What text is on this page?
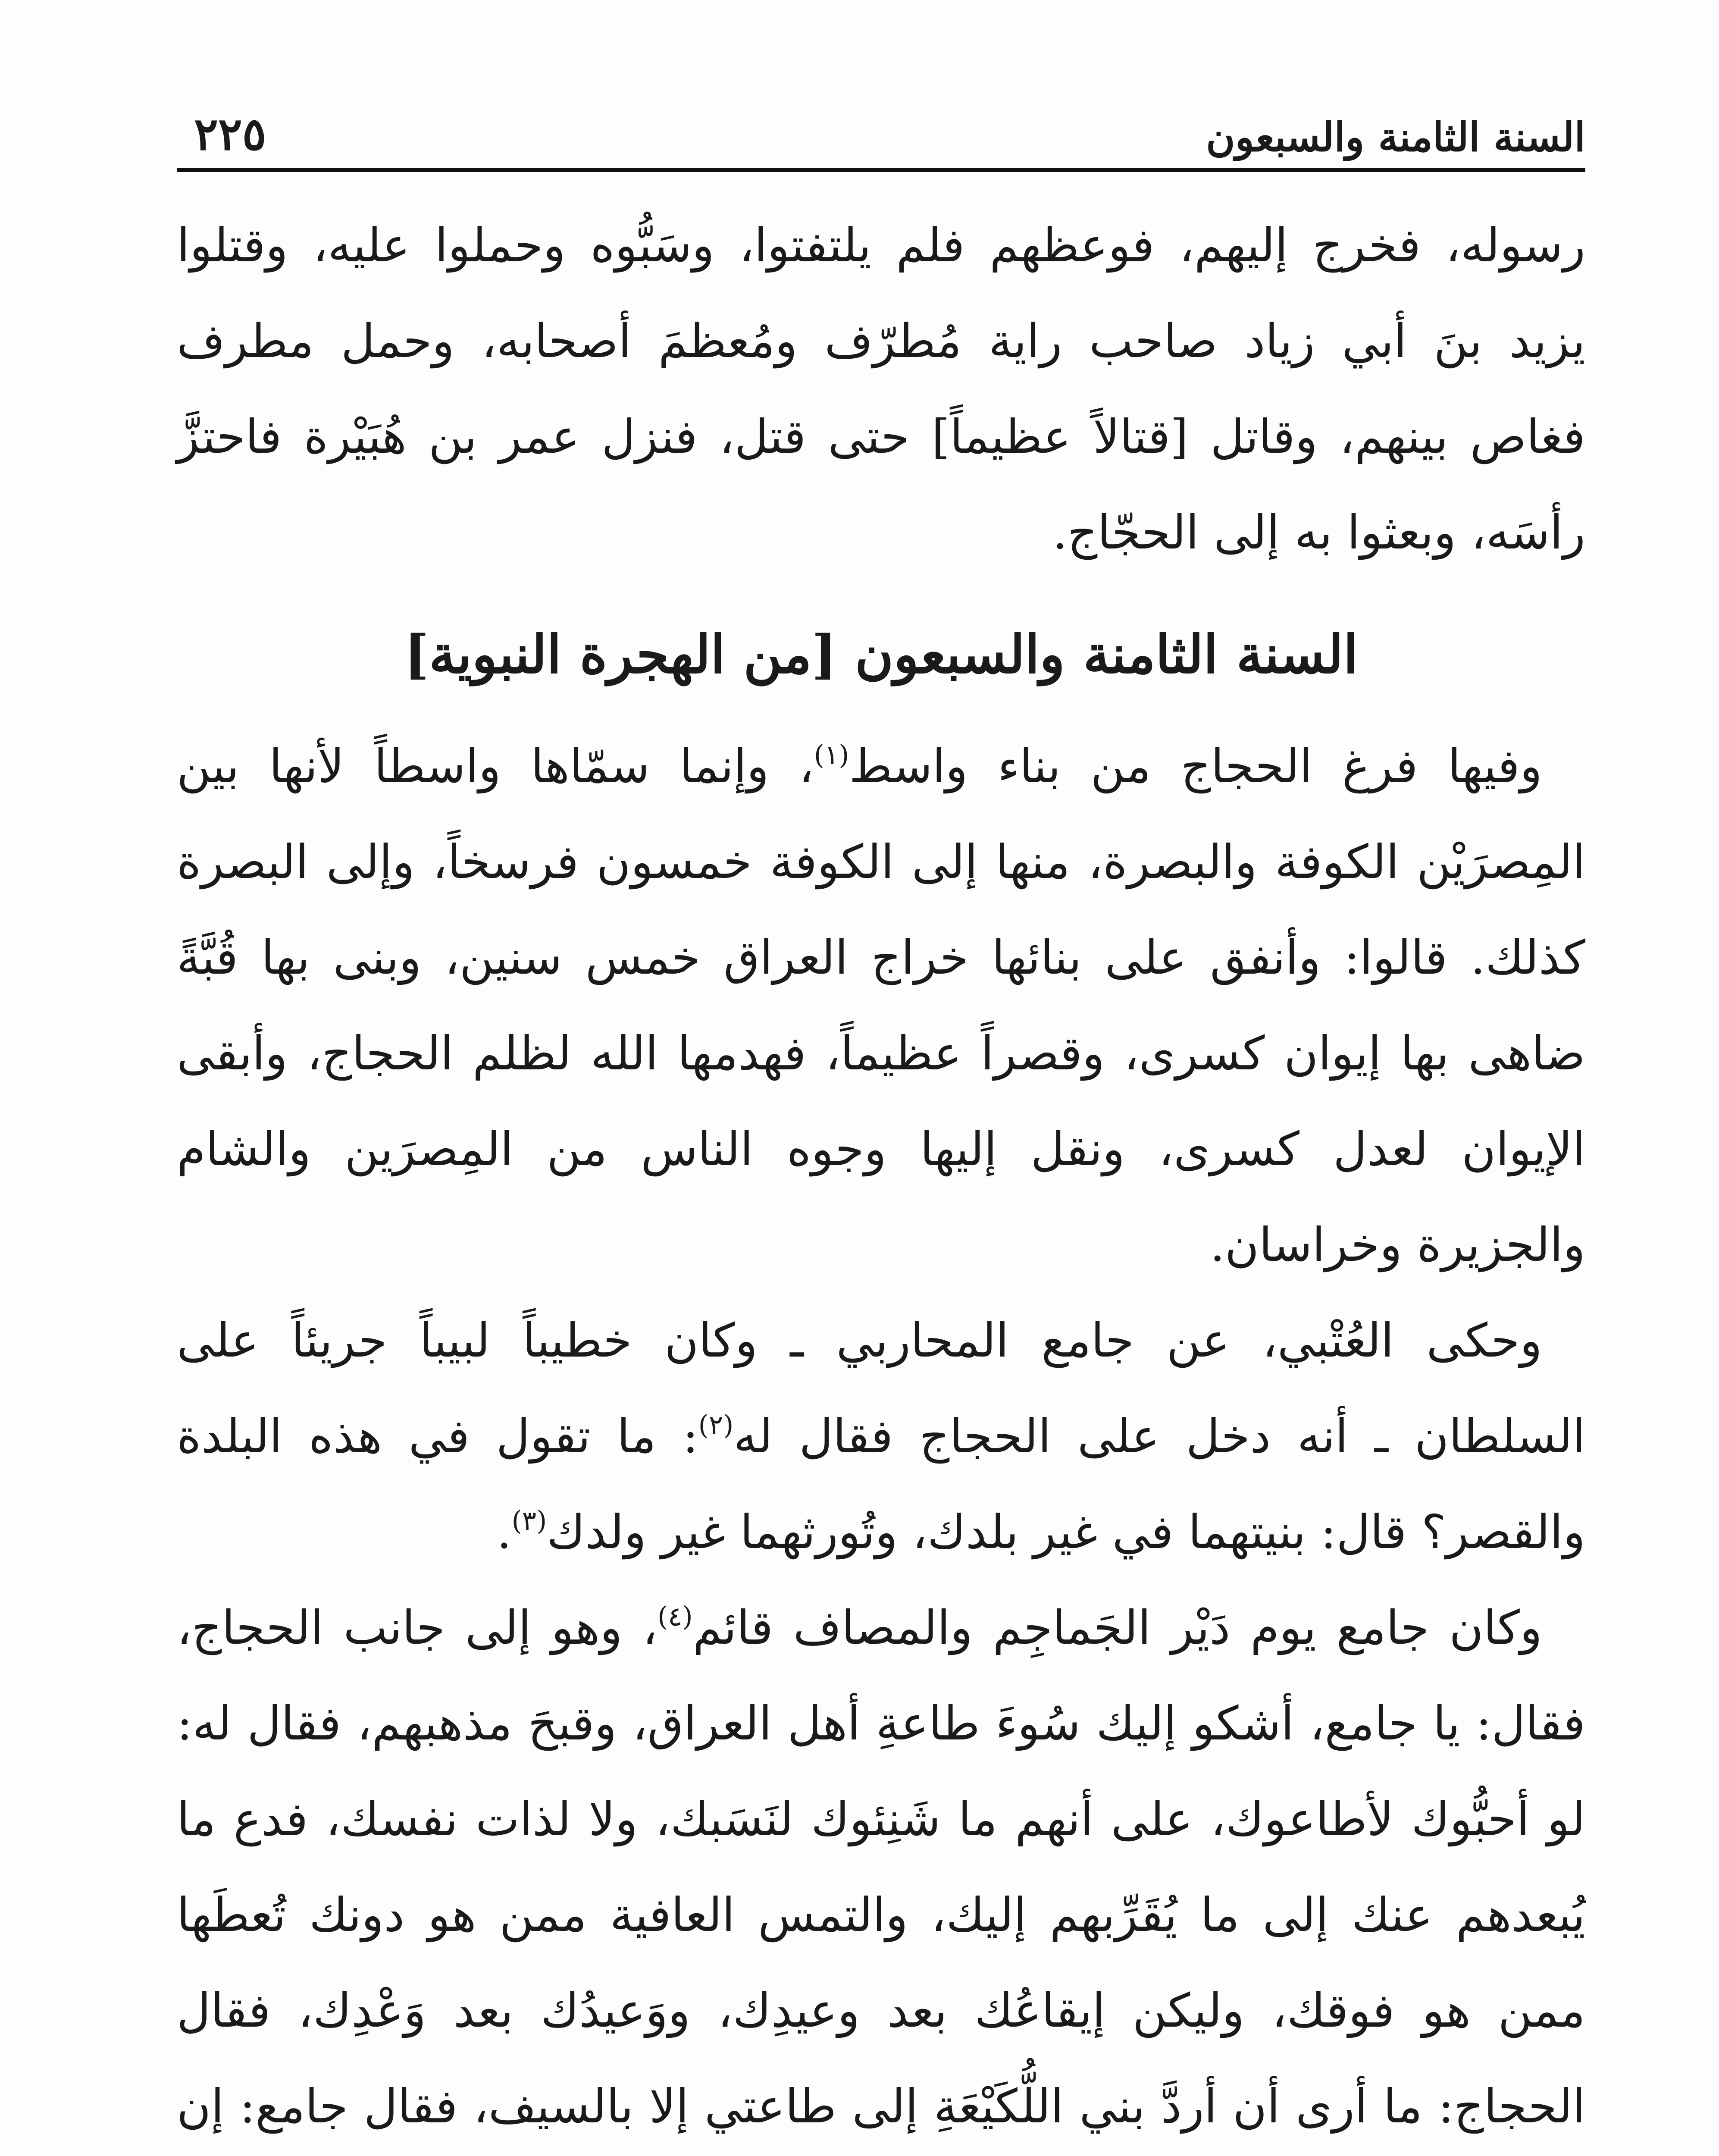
السنة الثامنة والسبعون
٢٢٥

رسوله، فخرج إليهم، فوعظهم فلم يلتفتوا، وسَبُّوه وحملوا عليه، وقتلوا يزيد بنَ أبي زياد صاحب راية مُطرّف ومُعظمَ أصحابه، وحمل مطرف فغاص بينهم، وقاتل [قتالاً عظيماً] حتى قتل، فنزل عمر بن هُبَيْرة فاحتزَّ رأسَه، وبعثوا به إلى الحجّاج.

السنة الثامنة والسبعون [من الهجرة النبوية]

وفيها فرغ الحجاج من بناء واسط$^{(١)}$، وإنما سمّاها واسطاً لأنها بين المِصرَيْن الكوفة والبصرة، منها إلى الكوفة خمسون فرسخاً، وإلى البصرة كذلك. قالوا: وأنفق على بنائها خراج العراق خمس سنين، وبنى بها قُبَّةً ضاهى بها إيوان كسرى، وقصراً عظيماً، فهدمها الله لظلم الحجاج، وأبقى الإيوان لعدل كسرى، ونقل إليها وجوه الناس من المِصرَين والشام والجزيرة وخراسان.

وحكى العُتْبي، عن جامع المحاربي ـ وكان خطيباً لبيباً جريئاً على السلطان ـ أنه دخل على الحجاج فقال له$^{(٢)}$: ما تقول في هذه البلدة والقصر؟ قال: بنيتهما في غير بلدك، وتُورثهما غير ولدك$^{(٣)}$.

وكان جامع يوم دَيْر الجَماجِم والمصاف قائم$^{(٤)}$، وهو إلى جانب الحجاج، فقال: يا جامع، أشكو إليك سُوءَ طاعةِ أهل العراق، وقبحَ مذهبهم، فقال له: لو أحبُّوك لأطاعوك، على أنهم ما شَنِئوك لنَسَبك، ولا لذات نفسك، فدع ما يُبعدهم عنك إلى ما يُقَرِّبهم إليك، والتمس العافية ممن هو دونك تُعطَها ممن هو فوقك، وليكن إيقاعُك بعد وعيدِك، ووَعيدُك بعد وَعْدِك، فقال الحجاج: ما أرى أن أردَّ بني اللُّكَيْعَةِ إلى طاعتي إلا بالسيف، فقال جامع: إن
